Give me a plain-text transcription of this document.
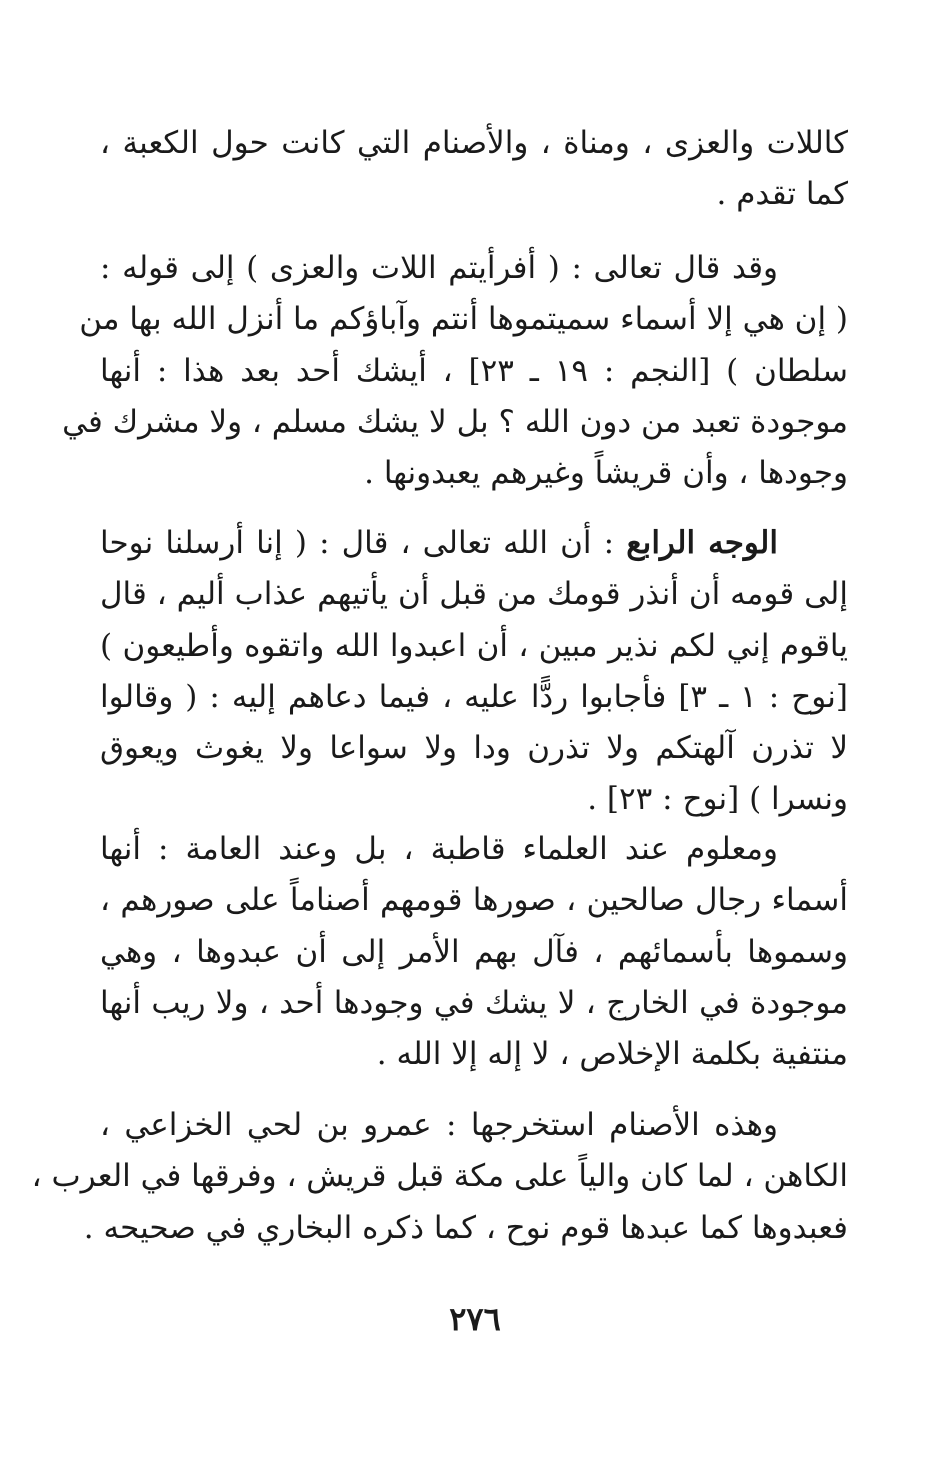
كاللات والعزى ، ومناة ، والأصنام التي كانت حول الكعبة ،
كما تقدم .
وقد قال تعالى : ( أفرأيتم اللات والعزى ) إلى قوله :
( إن هي إلا أسماء سميتموها أنتم وآباؤكم ما أنزل الله بها من
سلطان ) [النجم : ١٩ ـ ٢٣] ، أيشك أحد بعد هذا : أنها
موجودة تعبد من دون الله ؟ بل لا يشك مسلم ، ولا مشرك في
وجودها ، وأن قريشاً وغيرهم يعبدونها .
الوجه الرابع : أن الله تعالى ، قال : ( إنا أرسلنا نوحا
إلى قومه أن أنذر قومك من قبل أن يأتيهم عذاب أليم ، قال
ياقوم إني لكم نذير مبين ، أن اعبدوا الله واتقوه وأطيعون )
[نوح : ١ ـ ٣] فأجابوا ردًّا عليه ، فيما دعاهم إليه : ( وقالوا
لا تذرن آلهتكم ولا تذرن ودا ولا سواعا ولا يغوث ويعوق
ونسرا ) [نوح : ٢٣] .
ومعلوم عند العلماء قاطبة ، بل وعند العامة : أنها
أسماء رجال صالحين ، صورها قومهم أصناماً على صورهم ،
وسموها بأسمائهم ، فآل بهم الأمر إلى أن عبدوها ، وهي
موجودة في الخارج ، لا يشك في وجودها أحد ، ولا ريب أنها
منتفية بكلمة الإخلاص ، لا إله إلا الله .
وهذه الأصنام استخرجها : عمرو بن لحي الخزاعي ،
الكاهن ، لما كان والياً على مكة قبل قريش ، وفرقها في العرب ،
فعبدوها كما عبدها قوم نوح ، كما ذكره البخاري في صحيحه .
٢٧٦
